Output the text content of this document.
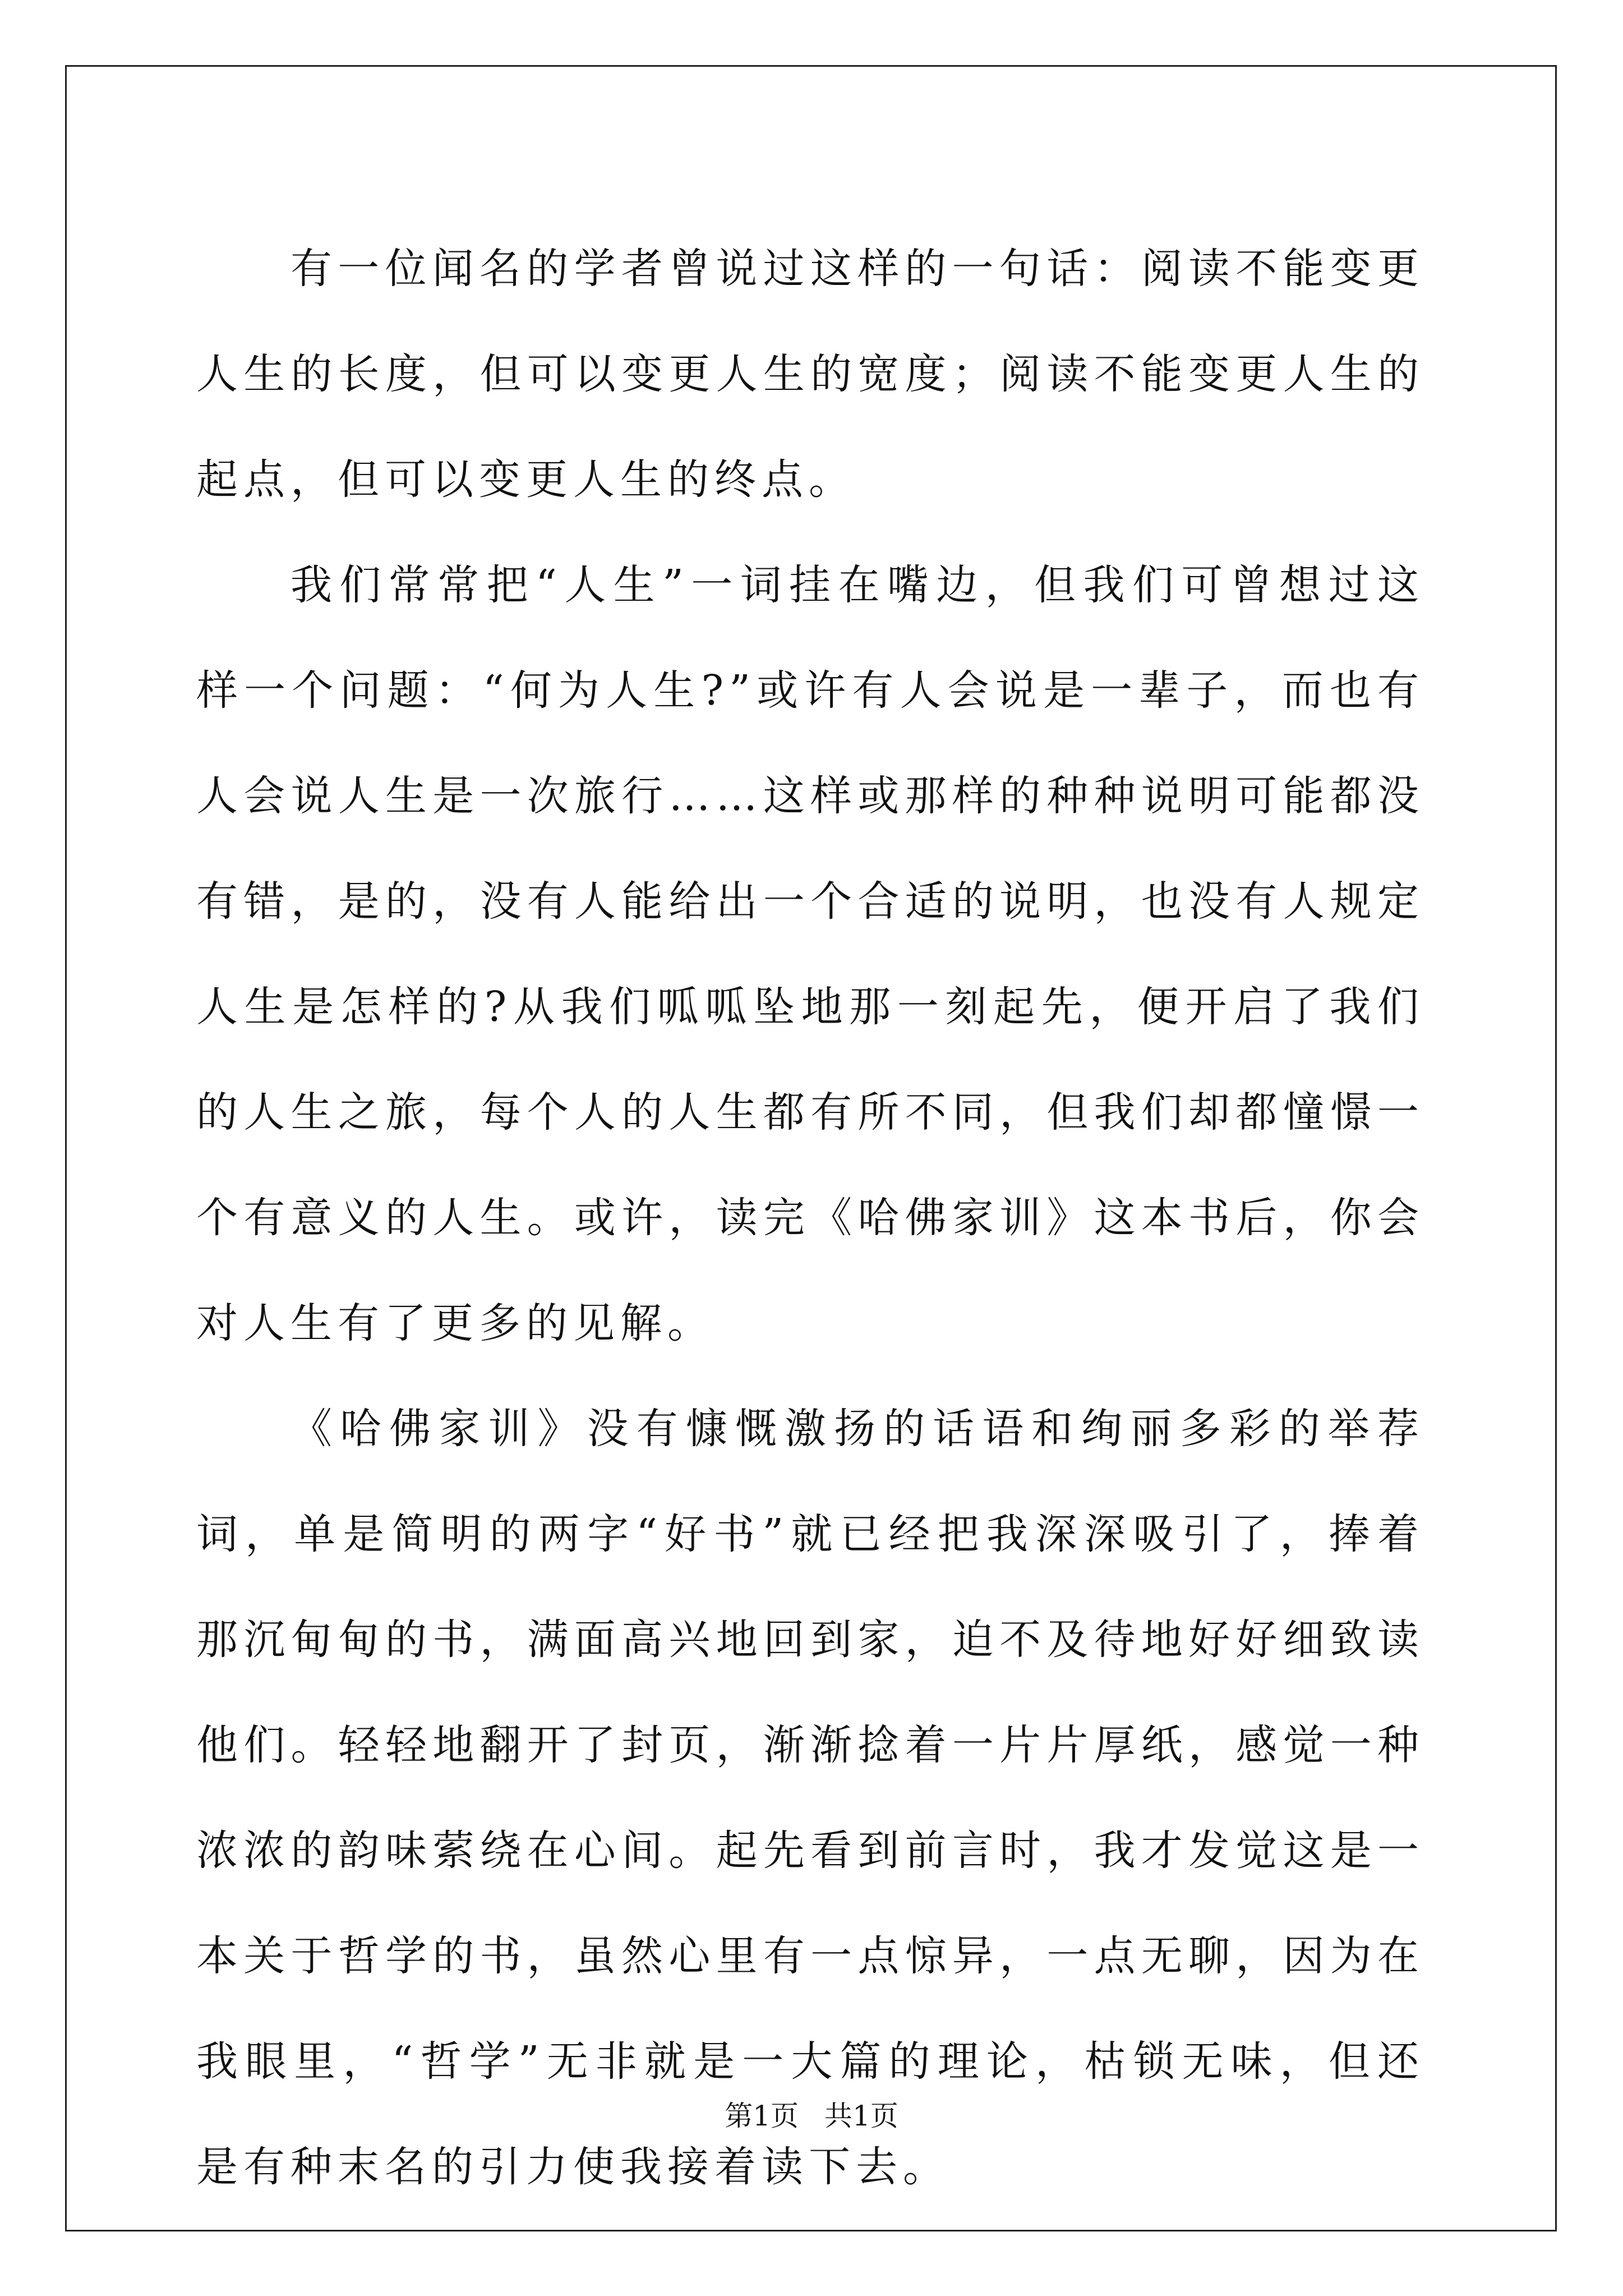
有一位闻名的学者曾说过这样的一句话：阅读不能变更人生的长度，但可以变更人生的宽度；阅读不能变更人生的起点，但可以变更人生的终点。

我们常常把“人生”一词挂在嘴边，但我们可曾想过这样一个问题：“何为人生?”或许有人会说是一辈子，而也有人会说人生是一次旅行……这样或那样的种种说明可能都没有错，是的，没有人能给出一个合适的说明，也没有人规定人生是怎样的?从我们呱呱坠地那一刻起先，便开启了我们的人生之旅，每个人的人生都有所不同，但我们却都憧憬一个有意义的人生。或许，读完《哈佛家训》这本书后，你会对人生有了更多的见解。

《哈佛家训》没有慷慨激扬的话语和绚丽多彩的举荐词，单是简明的两字“好书”就已经把我深深吸引了，捧着那沉甸甸的书，满面高兴地回到家，迫不及待地好好细致读他们。轻轻地翻开了封页，渐渐捻着一片片厚纸，感觉一种浓浓的韵味萦绕在心间。起先看到前言时，我才发觉这是一本关于哲学的书，虽然心里有一点惊异，一点无聊，因为在我眼里，“哲学”无非就是一大篇的理论，枯锁无味，但还是有种末名的引力使我接着读下去。

第1页 共1页
